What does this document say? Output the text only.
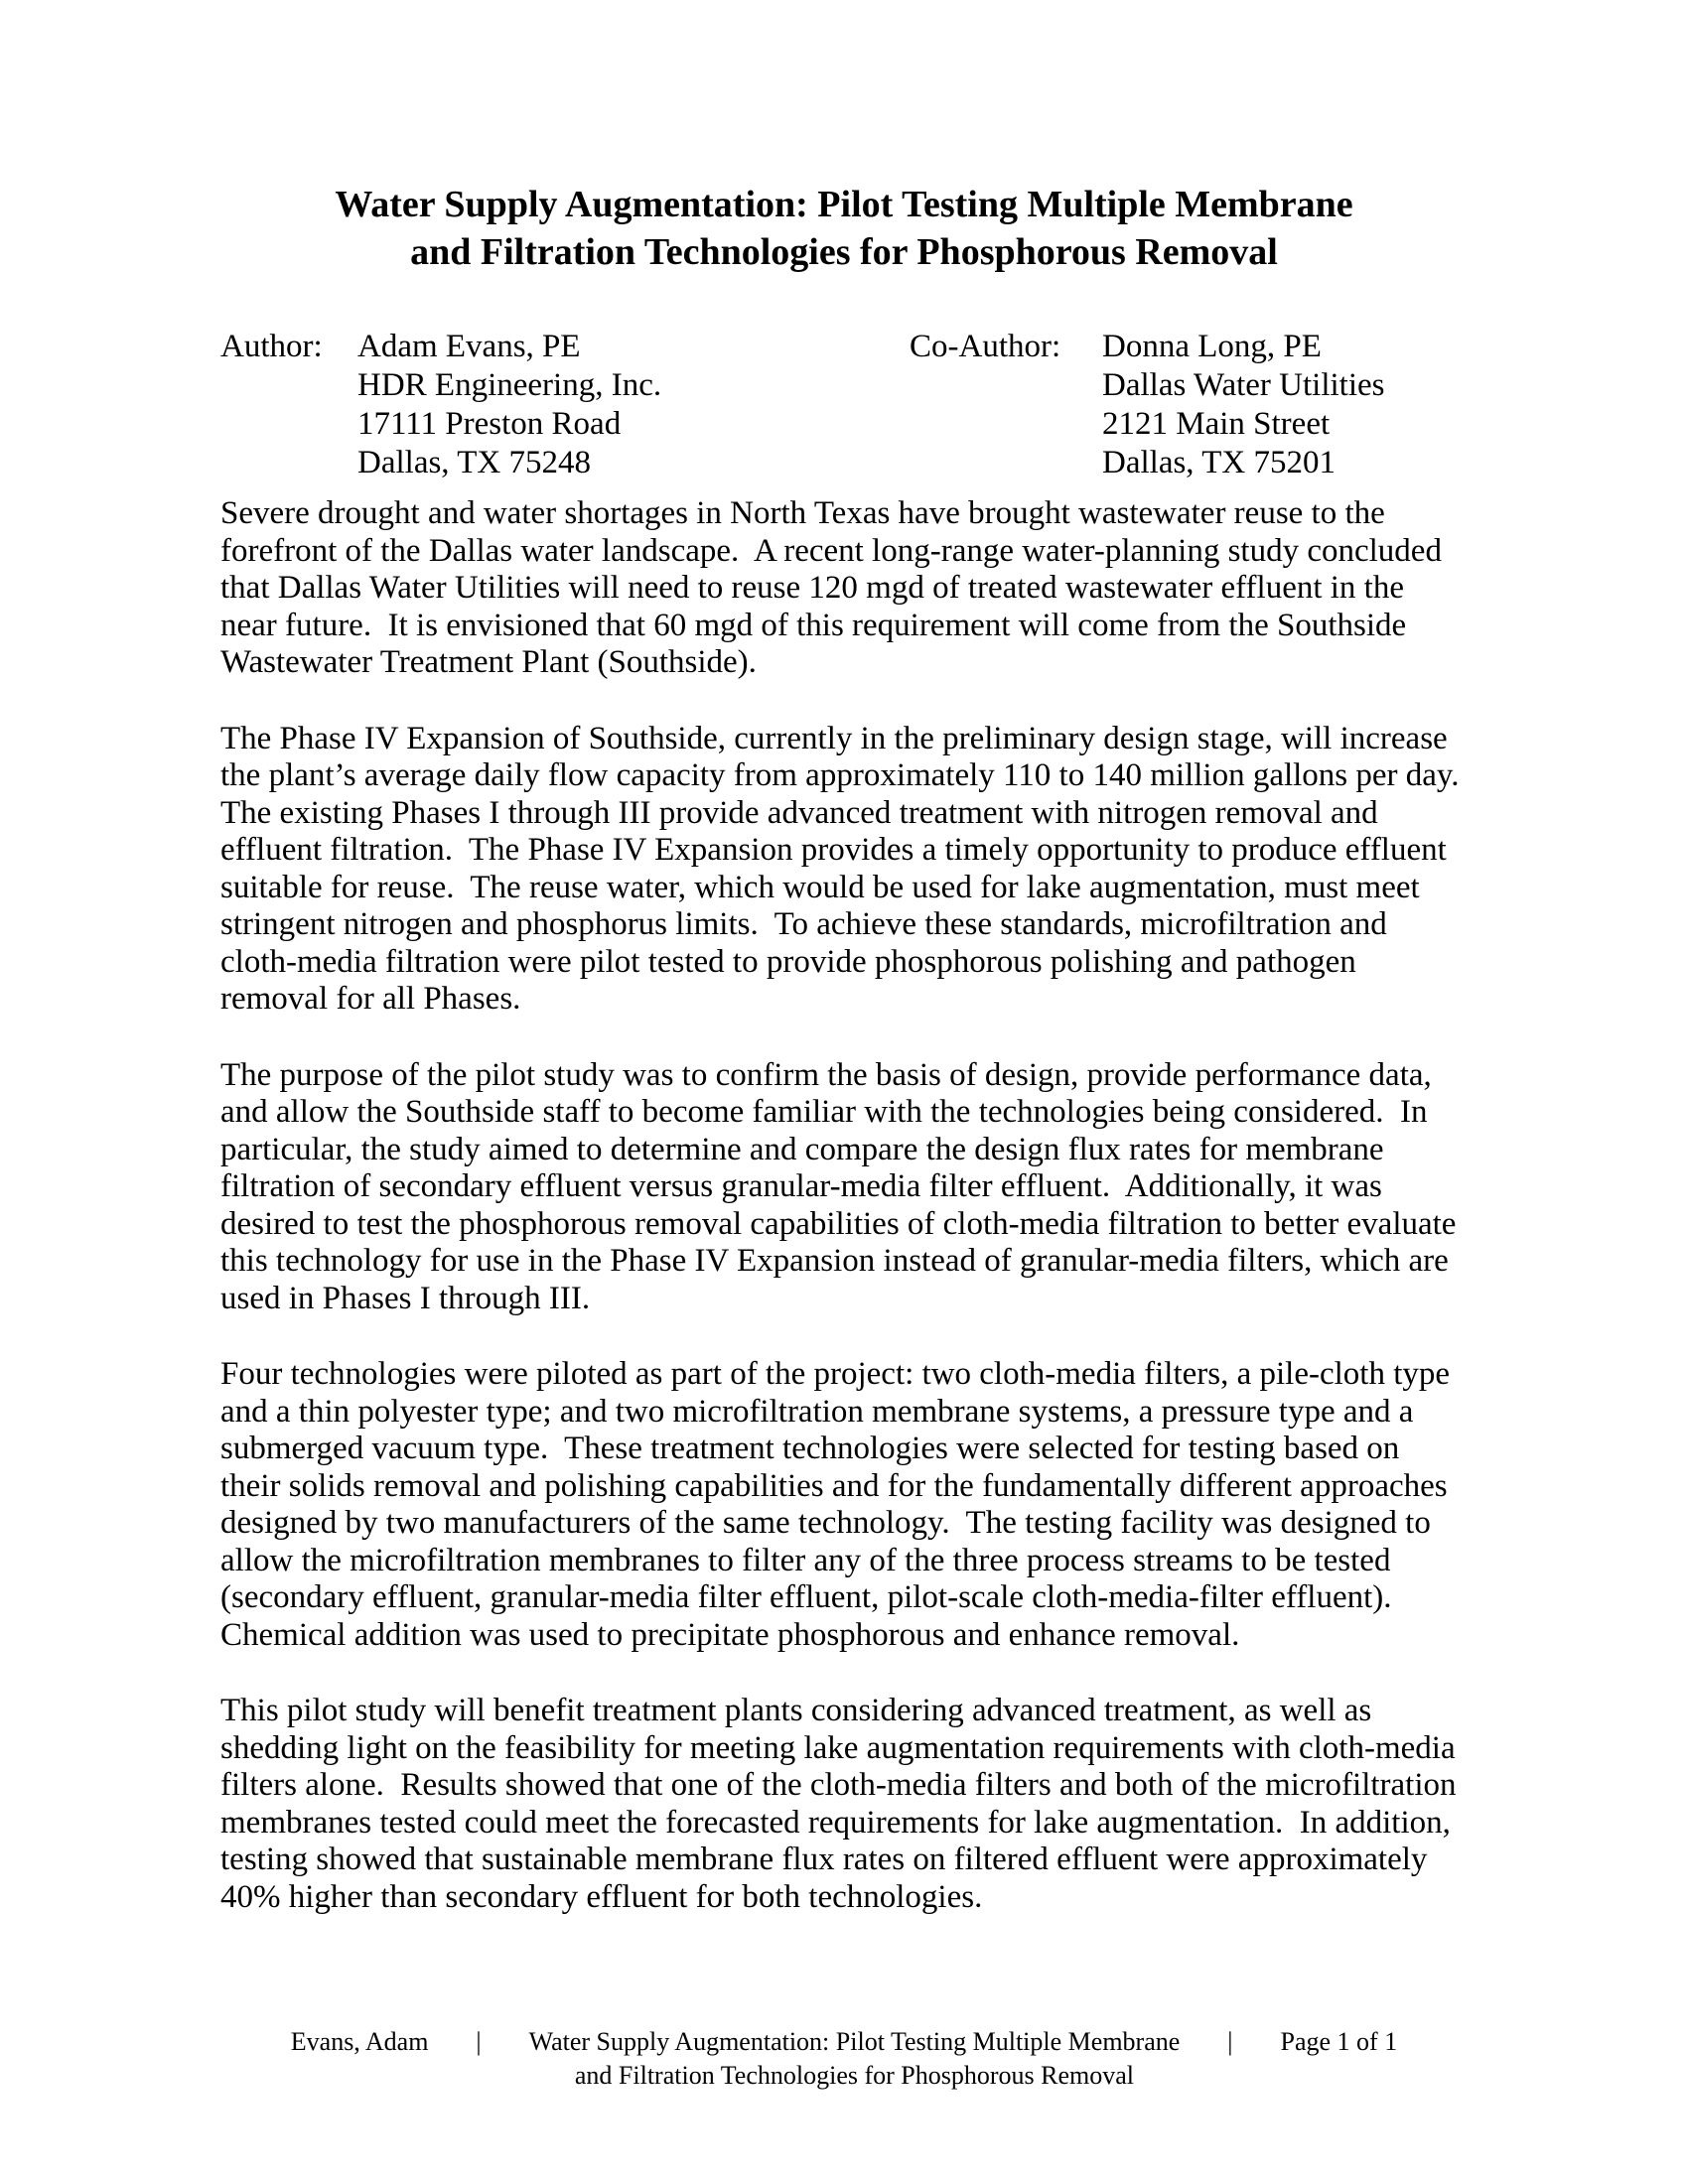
Water Supply Augmentation: Pilot Testing Multiple Membrane
and Filtration Technologies for Phosphorous Removal
Author:	Adam Evans, PE	Co-Author:	Donna Long, PE
HDR Engineering, Inc.	Dallas Water Utilities
17111 Preston Road	2121 Main Street
Dallas, TX 75248	Dallas, TX 75201

Severe drought and water shortages in North Texas have brought wastewater reuse to the forefront of the Dallas water landscape.  A recent long-range water-planning study concluded that Dallas Water Utilities will need to reuse 120 mgd of treated wastewater effluent in the near future.  It is envisioned that 60 mgd of this requirement will come from the Southside Wastewater Treatment Plant (Southside).

The Phase IV Expansion of Southside, currently in the preliminary design stage, will increase the plant’s average daily flow capacity from approximately 110 to 140 million gallons per day.   The existing Phases I through III provide advanced treatment with nitrogen removal and effluent filtration.  The Phase IV Expansion provides a timely opportunity to produce effluent suitable for reuse.  The reuse water, which would be used for lake augmentation, must meet stringent nitrogen and phosphorus limits.  To achieve these standards, microfiltration and cloth-media filtration were pilot tested to provide phosphorous polishing and pathogen removal for all Phases.

The purpose of the pilot study was to confirm the basis of design, provide performance data, and allow the Southside staff to become familiar with the technologies being considered.  In particular, the study aimed to determine and compare the design flux rates for membrane filtration of secondary effluent versus granular-media filter effluent.  Additionally, it was desired to test the phosphorous removal capabilities of cloth-media filtration to better evaluate this technology for use in the Phase IV Expansion instead of granular-media filters, which are used in Phases I through III.

Four technologies were piloted as part of the project: two cloth-media filters, a pile-cloth type and a thin polyester type; and two microfiltration membrane systems, a pressure type and a submerged vacuum type.  These treatment technologies were selected for testing based on their solids removal and polishing capabilities and for the fundamentally different approaches designed by two manufacturers of the same technology.  The testing facility was designed to allow the microfiltration membranes to filter any of the three process streams to be tested (secondary effluent, granular-media filter effluent, pilot-scale cloth-media-filter effluent).  Chemical addition was used to precipitate phosphorous and enhance removal.

This pilot study will benefit treatment plants considering advanced treatment, as well as shedding light on the feasibility for meeting lake augmentation requirements with cloth-media filters alone.  Results showed that one of the cloth-media filters and both of the microfiltration membranes tested could meet the forecasted requirements for lake augmentation.  In addition, testing showed that sustainable membrane flux rates on filtered effluent were approximately 40% higher than secondary effluent for both technologies.

Evans, Adam | Water Supply Augmentation: Pilot Testing Multiple Membrane
and Filtration Technologies for Phosphorous Removal
| Page 1 of 1
